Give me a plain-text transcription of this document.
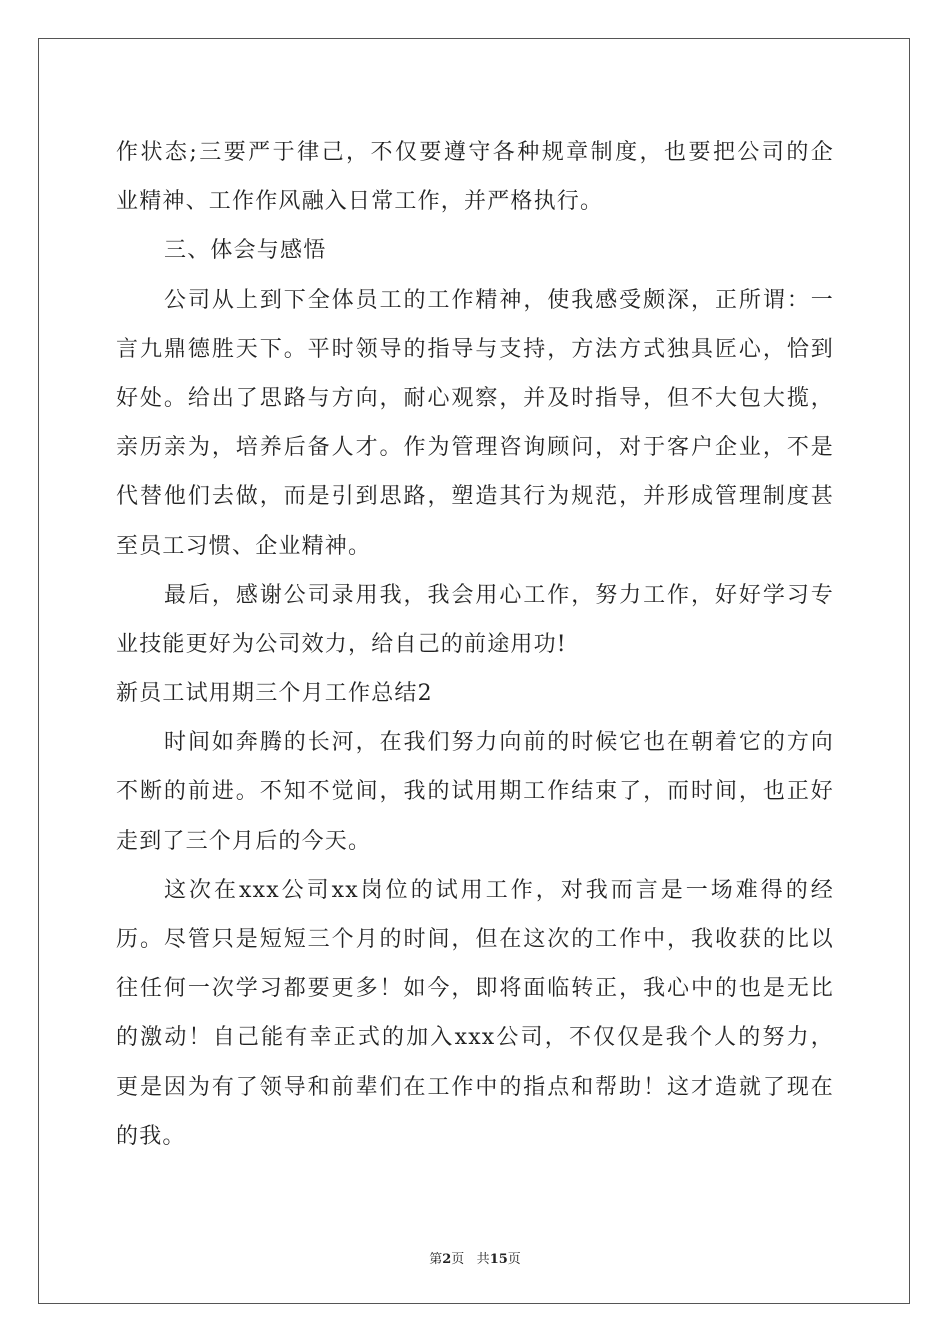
作状态;三要严于律己，不仅要遵守各种规章制度，也要把公司的企
业精神、工作作风融入日常工作，并严格执行。
三、体会与感悟
公司从上到下全体员工的工作精神，使我感受颇深，正所谓：一
言九鼎德胜天下。平时领导的指导与支持，方法方式独具匠心，恰到
好处。给出了思路与方向，耐心观察，并及时指导，但不大包大揽，
亲历亲为，培养后备人才。作为管理咨询顾问，对于客户企业，不是
代替他们去做，而是引到思路，塑造其行为规范，并形成管理制度甚
至员工习惯、企业精神。
最后，感谢公司录用我，我会用心工作，努力工作，好好学习专
业技能更好为公司效力，给自己的前途用功!
新员工试用期三个月工作总结2
时间如奔腾的长河，在我们努力向前的时候它也在朝着它的方向
不断的前进。不知不觉间，我的试用期工作结束了，而时间，也正好
走到了三个月后的今天。
这次在xxx公司xx岗位的试用工作，对我而言是一场难得的经
历。尽管只是短短三个月的时间，但在这次的工作中，我收获的比以
往任何一次学习都要更多！如今，即将面临转正，我心中的也是无比
的激动！自己能有幸正式的加入xxx公司，不仅仅是我个人的努力，
更是因为有了领导和前辈们在工作中的指点和帮助！这才造就了现在
的我。
第2页 共15页
